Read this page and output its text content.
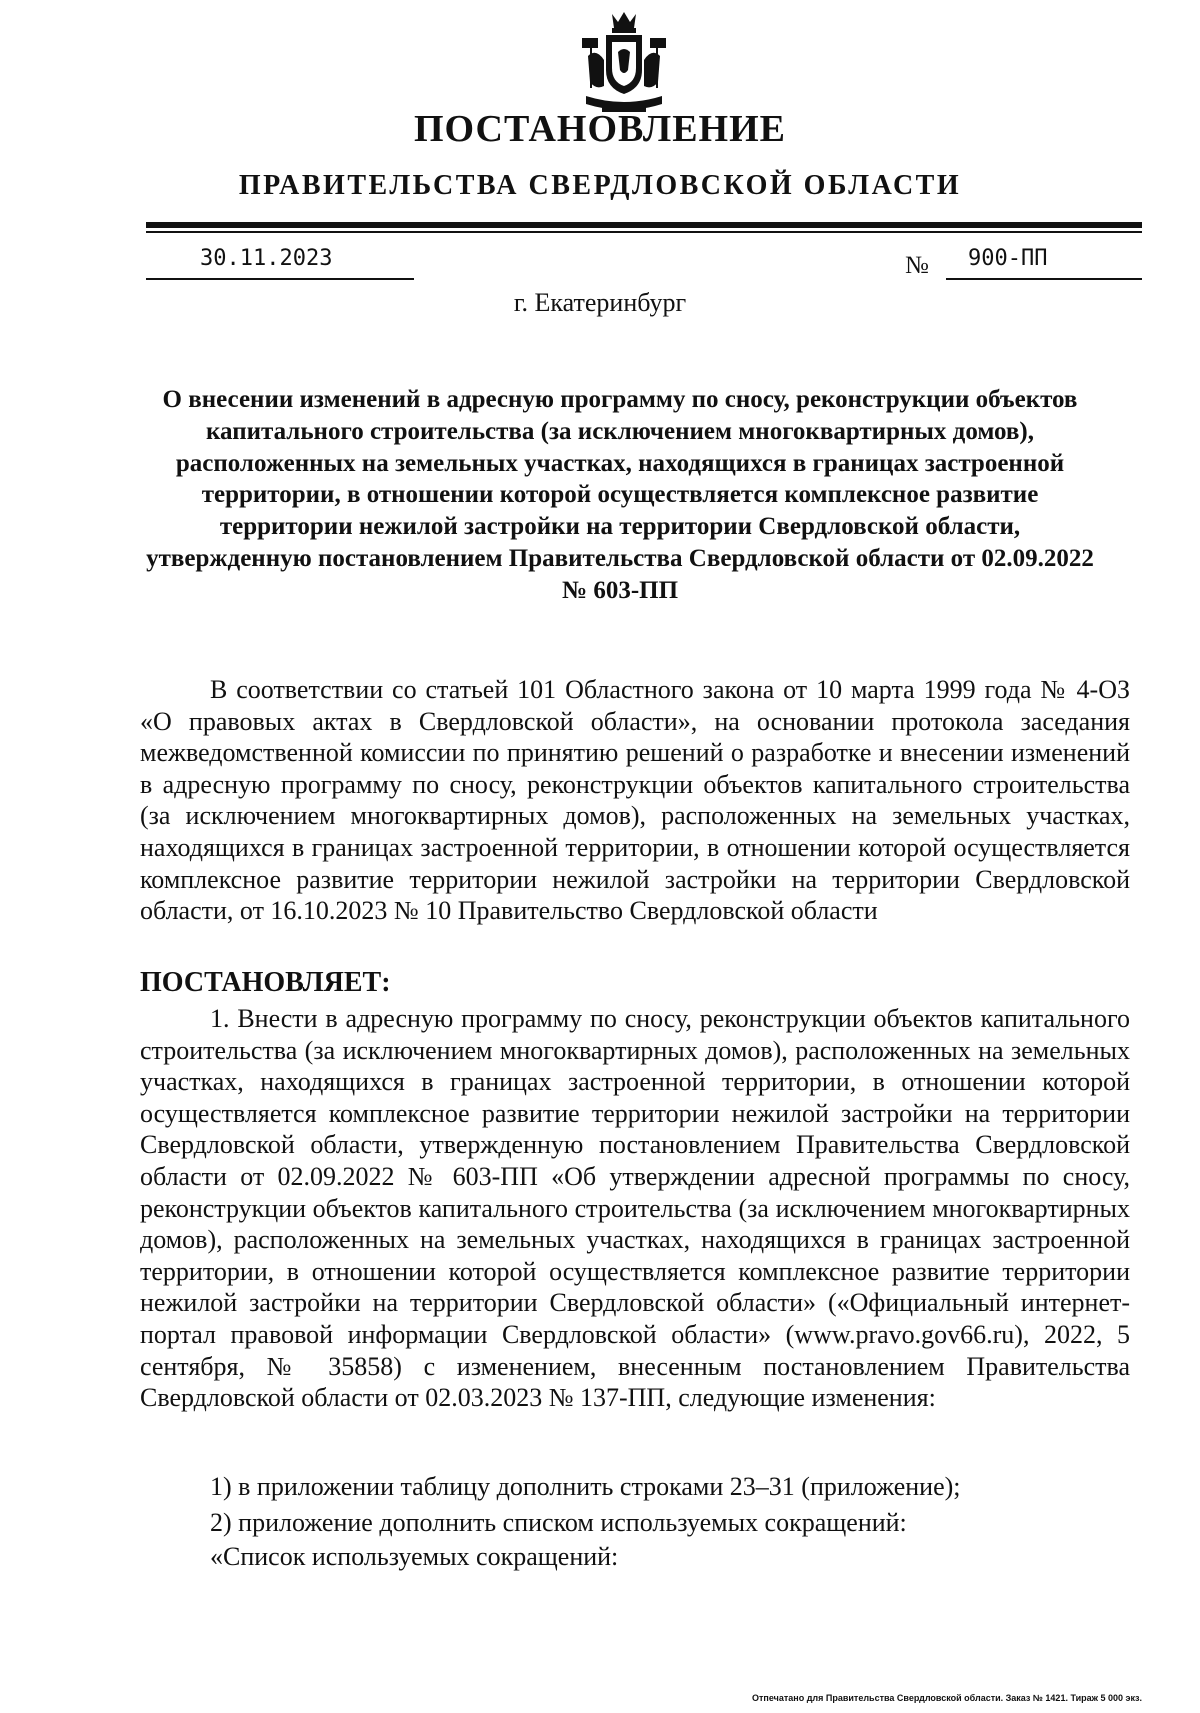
ПОСТАНОВЛЕНИЕ
ПРАВИТЕЛЬСТВА СВЕРДЛОВСКОЙ ОБЛАСТИ
30.11.2023	№ 900-ПП
г. Екатеринбург
О внесении изменений в адресную программу по сносу, реконструкции объектов капитального строительства (за исключением многоквартирных домов), расположенных на земельных участках, находящихся в границах застроенной территории, в отношении которой осуществляется комплексное развитие территории нежилой застройки на территории Свердловской области, утвержденную постановлением Правительства Свердловской области от 02.09.2022 № 603-ПП
В соответствии со статьей 101 Областного закона от 10 марта 1999 года № 4-ОЗ «О правовых актах в Свердловской области», на основании протокола заседания межведомственной комиссии по принятию решений о разработке и внесении изменений в адресную программу по сносу, реконструкции объектов капитального строительства (за исключением многоквартирных домов), расположенных на земельных участках, находящихся в границах застроенной территории, в отношении которой осуществляется комплексное развитие территории нежилой застройки на территории Свердловской области, от 16.10.2023 № 10 Правительство Свердловской области
ПОСТАНОВЛЯЕТ:
1. Внести в адресную программу по сносу, реконструкции объектов капитального строительства (за исключением многоквартирных домов), расположенных на земельных участках, находящихся в границах застроенной территории, в отношении которой осуществляется комплексное развитие территории нежилой застройки на территории Свердловской области, утвержденную постановлением Правительства Свердловской области от 02.09.2022 № 603-ПП «Об утверждении адресной программы по сносу, реконструкции объектов капитального строительства (за исключением многоквартирных домов), расположенных на земельных участках, находящихся в границах застроенной территории, в отношении которой осуществляется комплексное развитие территории нежилой застройки на территории Свердловской области» («Официальный интернет-портал правовой информации Свердловской области» (www.pravo.gov66.ru), 2022, 5 сентября, № 35858) с изменением, внесенным постановлением Правительства Свердловской области от 02.03.2023 № 137-ПП, следующие изменения:
1) в приложении таблицу дополнить строками 23–31 (приложение);
2) приложение дополнить списком используемых сокращений:
«Список используемых сокращений:
Отпечатано для Правительства Свердловской области. Заказ № 1421. Тираж 5 000 экз.
